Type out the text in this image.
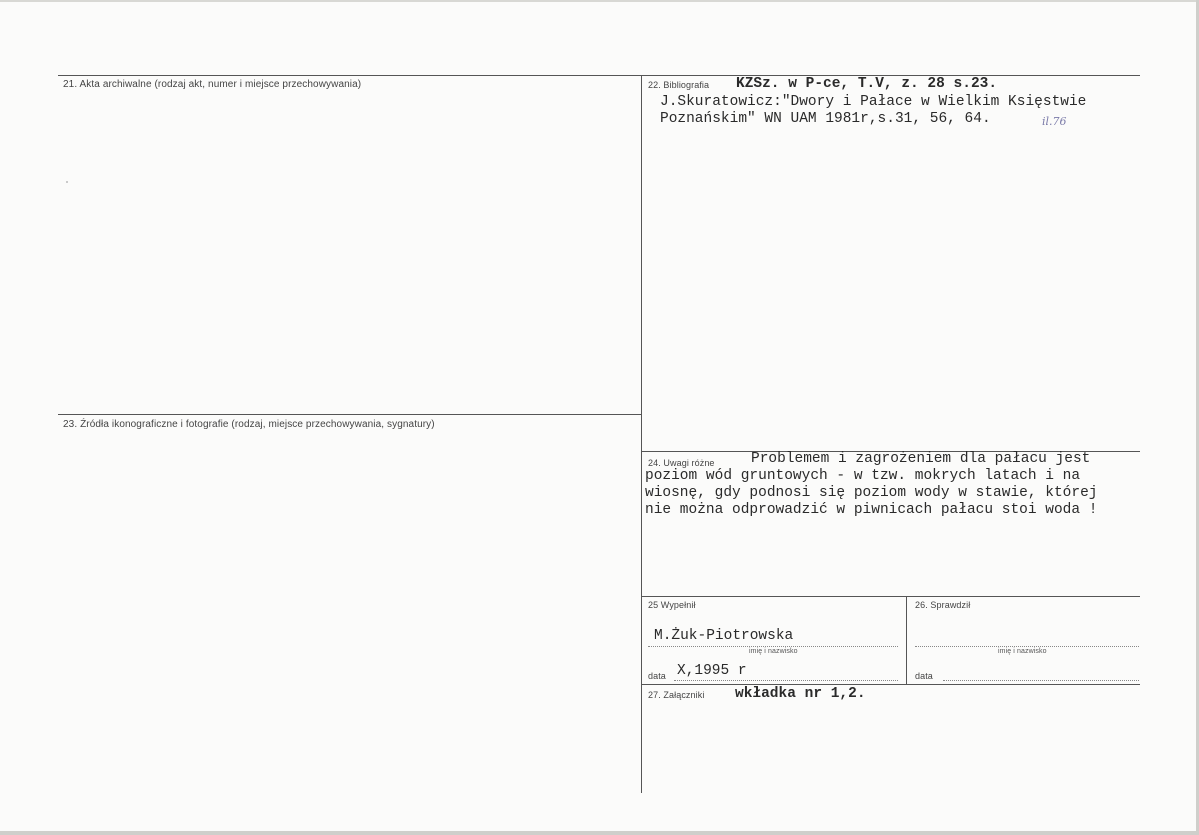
21. Akta archiwalne (rodzaj akt, numer i miejsce przechowywania)	22. Bibliografia KZSz. w P-ce, T.V, z. 28 s.23.
J.Skuratowicz:"Dwory i Pałace w Wielkim Księstwie
Poznańskim" WN UAM 1981r,s.31, 56, 64.	il.76
23. Źródła ikonograficzne i fotografie (rodzaj, miejsce przechowywania, sygnatury)
24. Uwagi różne	Problemem i zagrożeniem dla pałacu jest
poziom wód gruntowych - w tzw. mokrych latach i na
wiosnę, gdy podnosi się poziom wody w stawie, której
nie można odprowadzić w piwnicach pałacu stoi woda !
25 Wypełnił
M.Żuk-Piotrowska
imię i nazwisko
data X,1995 r
26. Sprawdził
imię i nazwisko
data
27. Załączniki wkładka nr 1,2.
